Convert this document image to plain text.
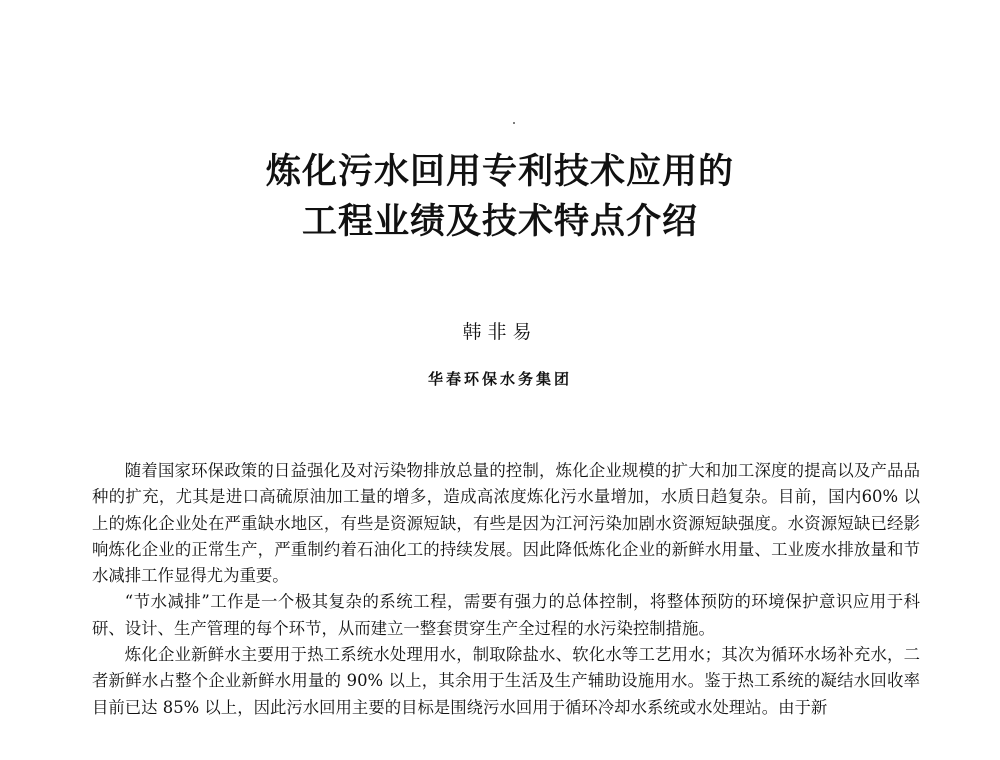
炼化污水回用专利技术应用的
工程业绩及技术特点介绍
韩非易
华春环保水务集团

随着国家环保政策的日益强化及对污染物排放总量的控制，炼化企业规模的扩大和加工深度的提高以及产品品种的扩充，尤其是进口高硫原油加工量的增多，造成高浓度炼化污水量增加，水质日趋复杂。目前，国内60% 以上的炼化企业处在严重缺水地区，有些是资源短缺，有些是因为江河污染加剧水资源短缺强度。水资源短缺已经影响炼化企业的正常生产，严重制约着石油化工的持续发展。因此降低炼化企业的新鲜水用量、工业废水排放量和节水减排工作显得尤为重要。

“节水减排”工作是一个极其复杂的系统工程，需要有强力的总体控制，将整体预防的环境保护意识应用于科研、设计、生产管理的每个环节，从而建立一整套贯穿生产全过程的水污染控制措施。

炼化企业新鲜水主要用于热工系统水处理用水，制取除盐水、软化水等工艺用水；其次为循环水场补充水，二者新鲜水占整个企业新鲜水用量的 90% 以上，其余用于生活及生产辅助设施用水。鉴于热工系统的凝结水回收率目前已达 85% 以上，因此污水回用主要的目标是围绕污水回用于循环冷却水系统或水处理站。由于新
